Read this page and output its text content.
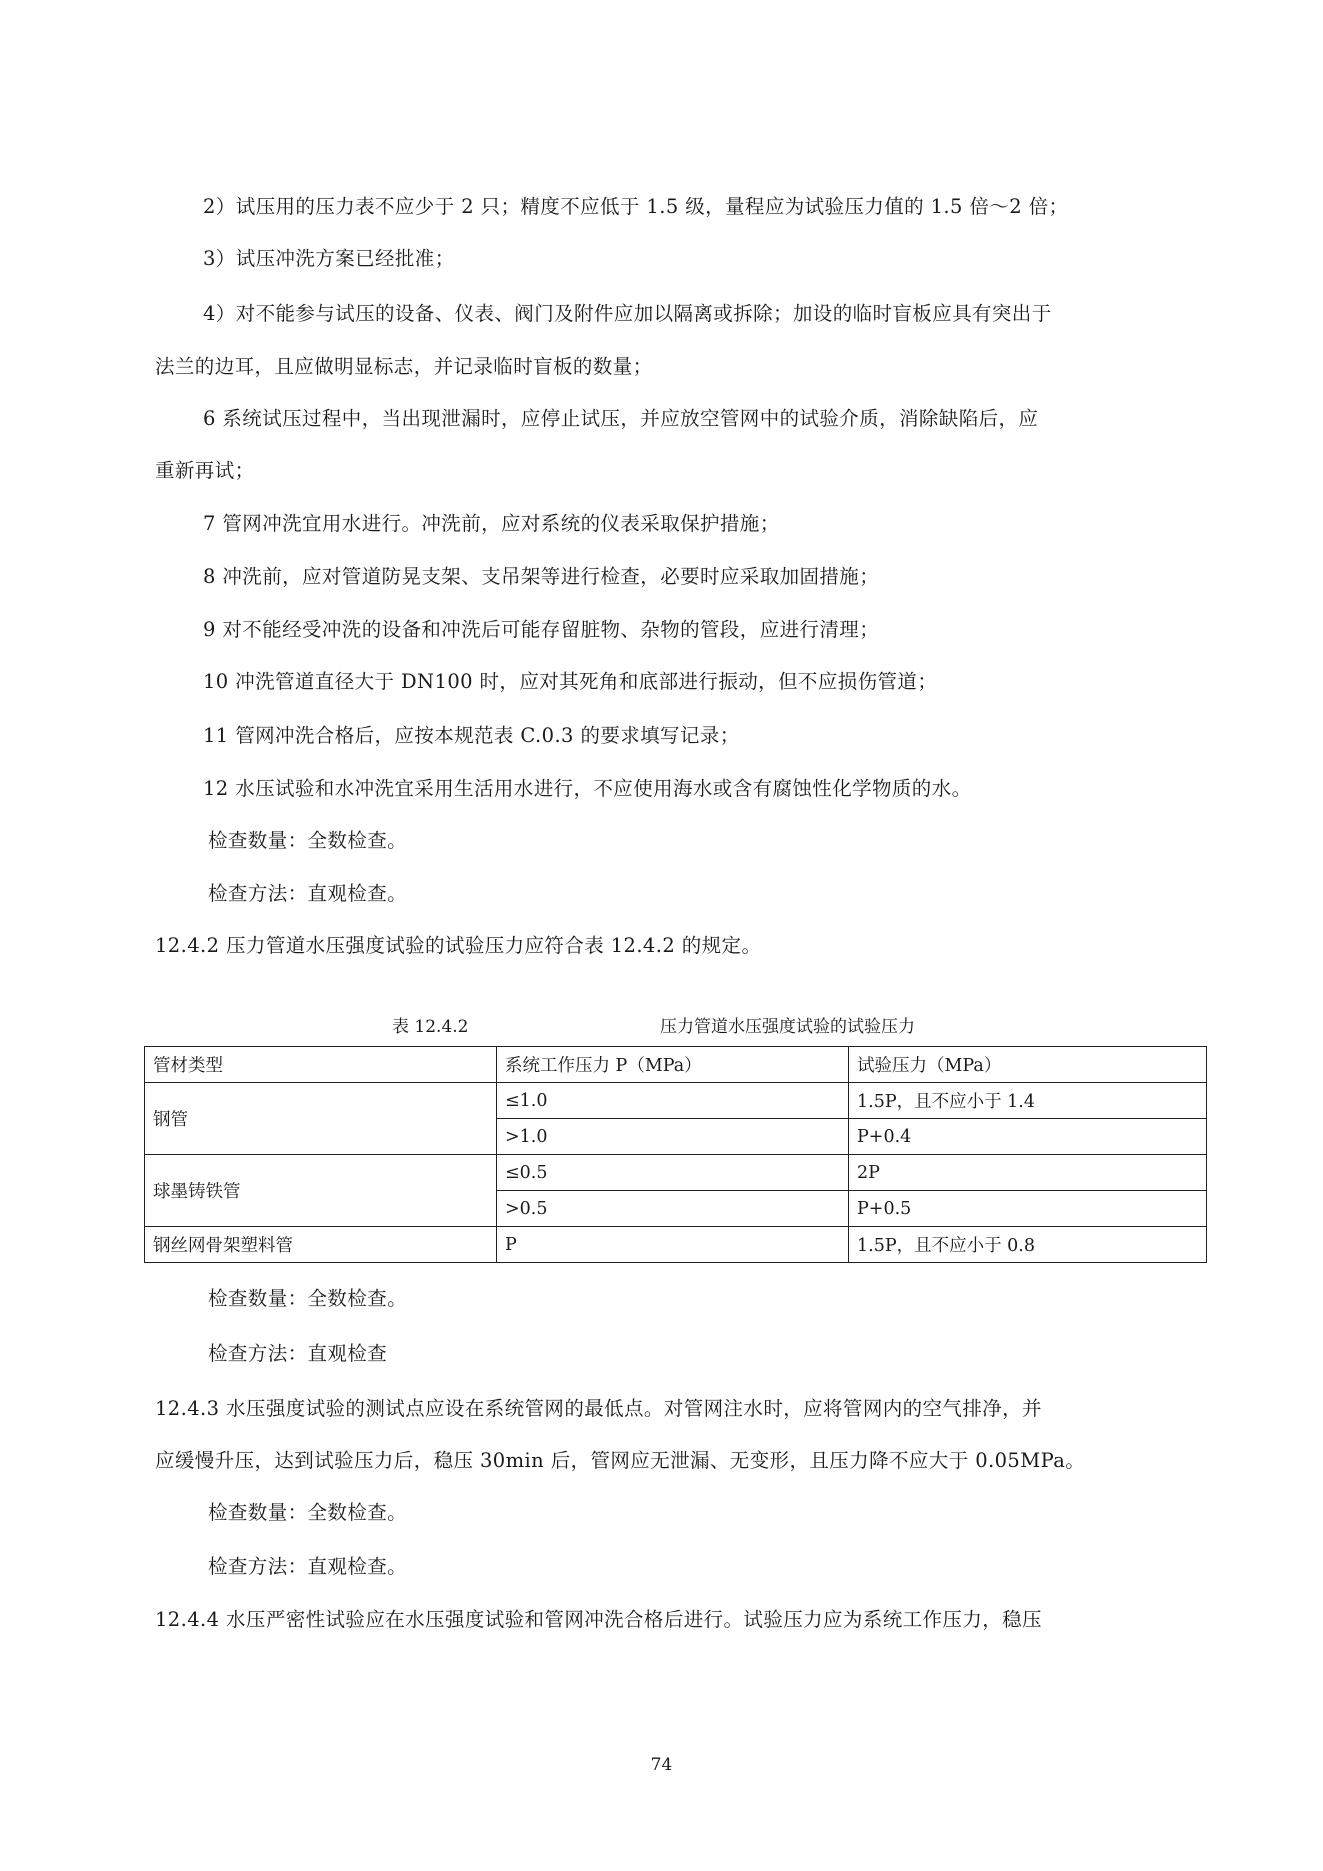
2）试压用的压力表不应少于 2 只；精度不应低于 1.5 级，量程应为试验压力值的 1.5 倍～2 倍；

3）试压冲洗方案已经批准；

4）对不能参与试压的设备、仪表、阀门及附件应加以隔离或拆除；加设的临时盲板应具有突出于

法兰的边耳，且应做明显标志，并记录临时盲板的数量；

6 系统试压过程中，当出现泄漏时，应停止试压，并应放空管网中的试验介质，消除缺陷后，应

重新再试；

7 管网冲洗宜用水进行。冲洗前，应对系统的仪表采取保护措施；

8 冲洗前，应对管道防晃支架、支吊架等进行检查，必要时应采取加固措施；

9 对不能经受冲洗的设备和冲洗后可能存留脏物、杂物的管段，应进行清理；

10 冲洗管道直径大于 DN100 时，应对其死角和底部进行振动，但不应损伤管道；

11 管网冲洗合格后，应按本规范表 C.0.3 的要求填写记录；

12 水压试验和水冲洗宜采用生活用水进行，不应使用海水或含有腐蚀性化学物质的水。

检查数量：全数检查。

检查方法：直观检查。

12.4.2 压力管道水压强度试验的试验压力应符合表 12.4.2 的规定。

表 12.4.2	压力管道水压强度试验的试验压力
管材类型	系统工作压力 P（MPa）	试验压力（MPa）
钢管	≤1.0	1.5P，且不应小于 1.4
	>1.0	P+0.4
球墨铸铁管	≤0.5	2P
	>0.5	P+0.5
钢丝网骨架塑料管	P	1.5P，且不应小于 0.8

检查数量：全数检查。

检查方法：直观检查

12.4.3 水压强度试验的测试点应设在系统管网的最低点。对管网注水时，应将管网内的空气排净，并

应缓慢升压，达到试验压力后，稳压 30min 后，管网应无泄漏、无变形，且压力降不应大于 0.05MPa。

检查数量：全数检查。

检查方法：直观检查。

12.4.4 水压严密性试验应在水压强度试验和管网冲洗合格后进行。试验压力应为系统工作压力，稳压

74
